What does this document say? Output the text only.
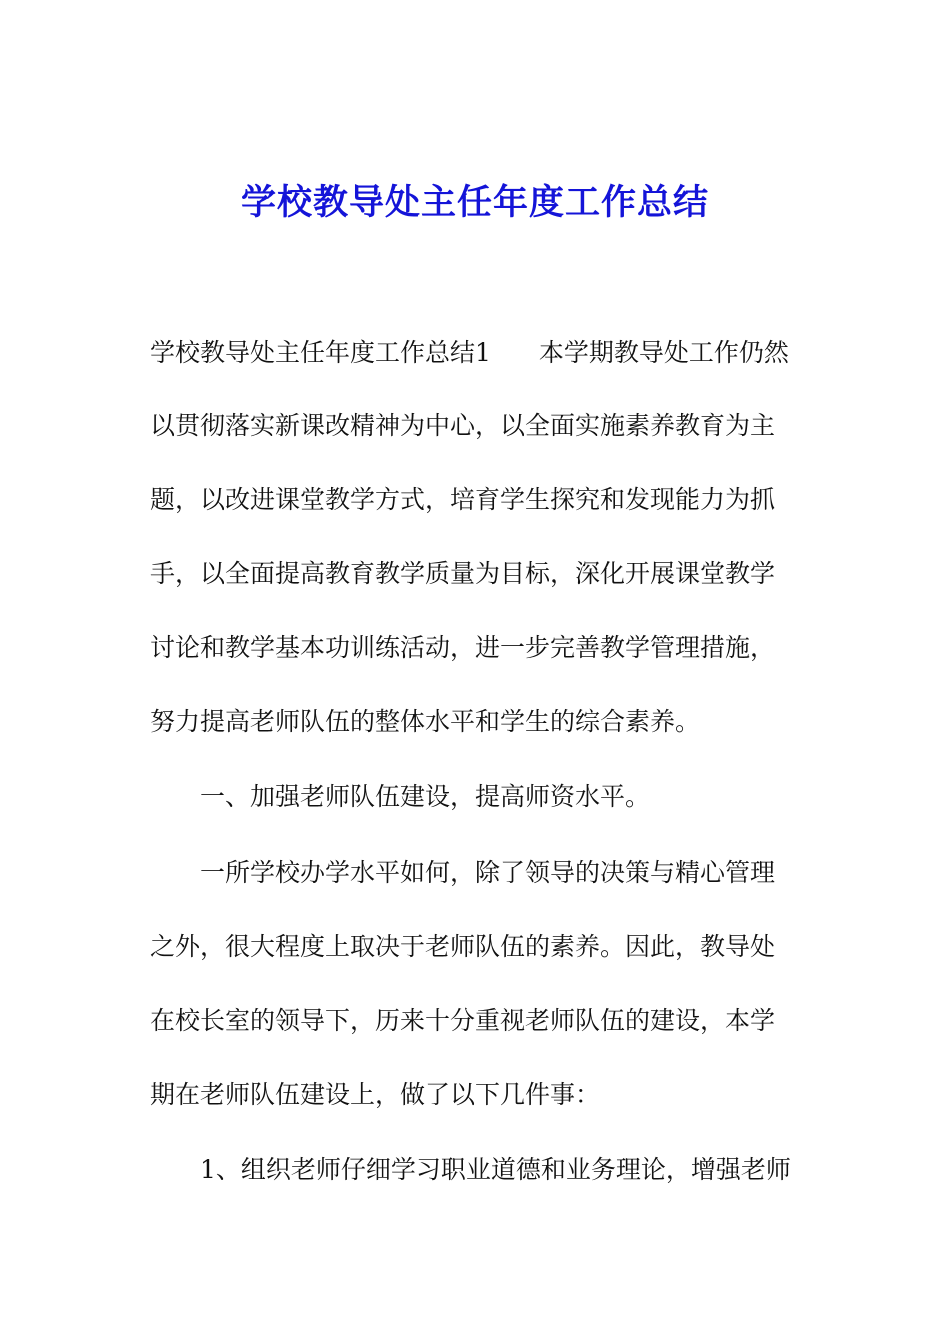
学校教导处主任年度工作总结
学校教导处主任年度工作总结1 本学期教导处工作仍然
以贯彻落实新课改精神为中心，以全面实施素养教育为主
题，以改进课堂教学方式，培育学生探究和发现能力为抓
手，以全面提高教育教学质量为目标，深化开展课堂教学
讨论和教学基本功训练活动，进一步完善教学管理措施，
努力提高老师队伍的整体水平和学生的综合素养。
一、加强老师队伍建设，提高师资水平。
一所学校办学水平如何，除了领导的决策与精心管理
之外，很大程度上取决于老师队伍的素养。因此，教导处
在校长室的领导下，历来十分重视老师队伍的建设，本学
期在老师队伍建设上，做了以下几件事：
1、组织老师仔细学习职业道德和业务理论，增强老师
